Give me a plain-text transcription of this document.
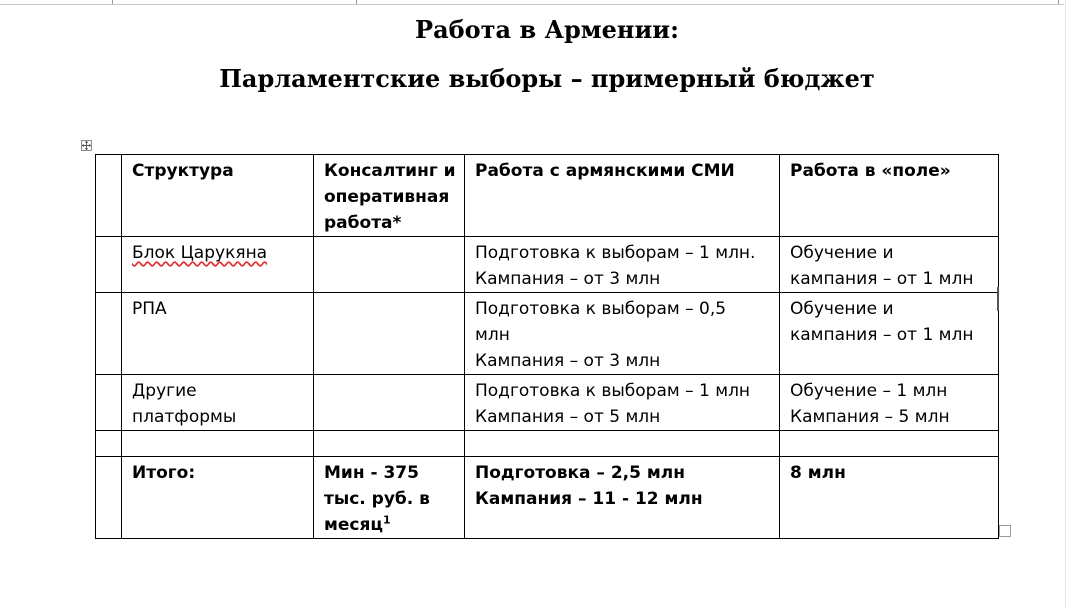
Работа в Армении:
Парламентские выборы – примерный бюджет

	Структура	Консалтинг и
оперативная
работа*	Работа с армянскими СМИ	Работа в «поле»

	Блок Царукяна		Подготовка к выборам – 1 млн.
Кампания – от 3 млн	Обучение и
кампания – от 1 млн

	РПА		Подготовка к выборам – 0,5
млн
Кампания – от 3 млн	Обучение и
кампания – от 1 млн

	Другие
платформы		Подготовка к выборам – 1 млн
Кампания – от 5 млн	Обучение – 1 млн
Кампания – 5 млн

	Итого:	Мин - 375
тыс. руб. в
месяц$^1$	Подготовка – 2,5 млн
Кампания – 11 - 12 млн	8 млн
